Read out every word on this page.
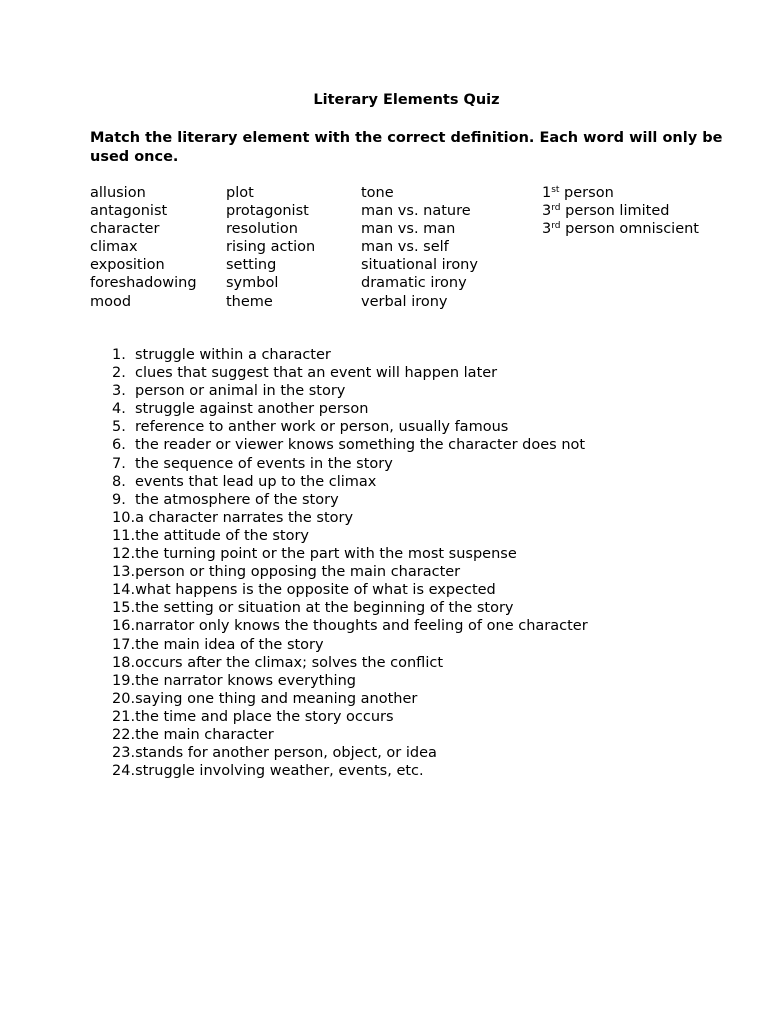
Literary Elements Quiz
Match the literary element with the correct definition. Each word will only be used once.
allusion
antagonist
character
climax
exposition
foreshadowing
mood
plot
protagonist
resolution
rising action
setting
symbol
theme
tone
man vs. nature
man vs. man
man vs. self
situational irony
dramatic irony
verbal irony
1st person
3rd person limited
3rd person omniscient
1. struggle within a character
2. clues that suggest that an event will happen later
3. person or animal in the story
4. struggle against another person
5. reference to anther work or person, usually famous
6. the reader or viewer knows something the character does not
7. the sequence of events in the story
8. events that lead up to the climax
9. the atmosphere of the story
10. a character narrates the story
11. the attitude of the story
12. the turning point or the part with the most suspense
13. person or thing opposing the main character
14. what happens is the opposite of what is expected
15. the setting or situation at the beginning of the story
16. narrator only knows the thoughts and feeling of one character
17. the main idea of the story
18. occurs after the climax; solves the conflict
19. the narrator knows everything
20. saying one thing and meaning another
21. the time and place the story occurs
22. the main character
23. stands for another person, object, or idea
24. struggle involving weather, events, etc.
